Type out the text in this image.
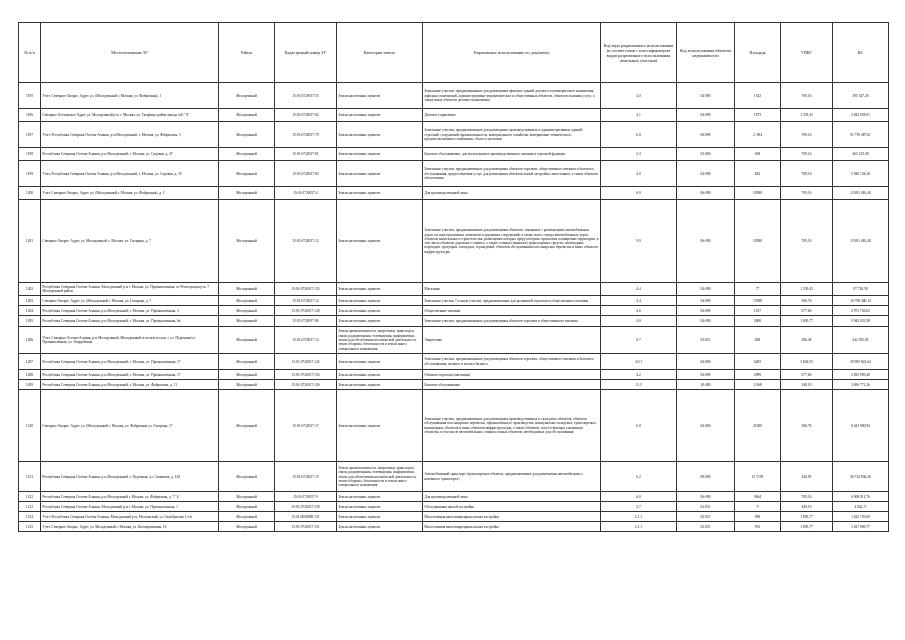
№ п/п	Местоположение ЗУ	Район	Кадастровый номер ЗУ	Категория земель	Разрешенное использование по документу	Код вида разрешенного использования (в соответствии с классификатором видов разрешенного использования земельных участков)	Код использования объектов недвижимости	Площадь	УПКС	КС
1195	Учет. Северное Окорье, Адрес ул. (Молодежный г. Москва, ул. Фабричная), 1	Молодежный	15:01:0720017:55	Земли населенных пунктов	Земельные участки, предназначенные для размещения офисных зданий делового и коммерческого назначения, офисных помещений, административно-управленческих и общественных объектов, объектов оказания услуг, а также иных объектов делового назначения	4.0	04:090	1332	709,16	395 347,20
1196	Северное Осетинское Адрес ул. Молодежный р-н, г. Москва, ул. Гагарина, район завода №0 "А"	Молодежный	15:01:0720017:62	Земли населенных пунктов	Деловое управление	4.1	04:090	1873	1 339,43	2 842 058,91
1197	Учет. Республика Северная Осетия-Алания, р-н Молодежный, г. Москва, ул. Фабричная, 5	Молодежный	15:01:0720017:79	Земли населенных пунктов	Земельные участки, предназначенные для размещения производственных и административных зданий, строений, сооружений промышленности, коммунального хозяйства, материально-технического, продовольственного снабжения, сбыта и заготовок	6.0	06:090	2 ,094	709,16	91 739 487,61
1198	Республика Северная Осетия-Алания, р-н Молодежный, г. Москва, ул. Садовая, д. 47	Молодежный	15:01:0720017:81	Земли населенных пунктов	Бытовое обслуживание, для малоэтажного производственного питания и торговой функции	3.3	03:000	658	709,16	465 125,38
1199	Учет. Республика Северная Осетия-Алания, р-н Молодежный, г. Москва, ул. Садовая, д. 35	Молодежный	15:01:0720017:83	Земли населенных пунктов	Земельные участки, предназначенные для размещения объектов торговли, общественного питания и бытового обслуживания, предоставления услуг, для размещения объектов жилой застройки, автостоянок, а также объектов обеспечения	4.0	04:090	842	709,16	5 940 134,30
1200	Учет. Северное Окорье, Адрес ул. (Молодежный г. Москва, ул. Фабричная), д. 1	Молодежный	15:01:0720017:2	Земли населенных пунктов	Для производственной зоны	6.0	06:090	19588	709,16	13 891 461,40
1201	Северное Окорье, Адрес ул. Молодежный, г. Москва, ул. Гагарина, д. 7	Молодежный	15:01:0720017:12	Земли населенных пунктов	Земельные участки, предназначенные для размещения объектов, связанных с размещением автомобильных дорог, их конструктивных элементов и дорожных сооружений, а также полос отвода автомобильных дорог; объектов капитального строительства, размещение которых предусмотрено проектами планировки территории, в том числе объектов дорожного сервиса, а также стоянок (парковок) транспортных средств, пешеходных переходов, тротуаров, площадок, ограждений, объектов обслуживания пассажирских перевозок и иных объектов инфраструктуры	9.0	06:090	19588	709,16	13 891 461,40
1202	Республика Северная Осетия-Алания, Молодежный р-н г. Москва, ул. Промышленная, от Регистрации р-н, 7 Молодежный район	Молодежный	15:01:0720017:135	Земли населенных пунктов	Магазины	4.4	04:090	77	1 339,43	97 720,58
1203	Северное Окорье, Адрес ул. (Молодежный г. Москва, ул. Гагарина, д. 7	Молодежный	15:01:0720017:12	Земли населенных пунктов	Земельные участки 7 и иные участки, предназначенные для розничной торговли и общественного питания	4.4	04:090	19588	306,76	16 798 480,14
1204	Республика Северная Осетия-Алания, р-н Молодежный, г. Москва, ул. Промышленная, 3	Молодежный	15:01:0720017:128	Земли населенных пунктов	Общественное питание	4.6	04:090	1017	677,66	2 973 726,82
1205	Республика Северная Осетия-Алания, р-н Молодежный, г. Москва, ул. Промышленная, 6а	Молодежный	15:01:0720017:86	Земли населенных пунктов	Земельные участки, предназначенные для размещения объектов торговли и общественного питания	4.0	04:090	3000	1 805,77	5 944 053,58
1206	Учет. Северное Осетия-Алания, р-н Молодежный, Молодежный, в пользе из кон. с ул. Пурочная/ул. Промышленная, ул. Гвардейская	Молодежный	15:01:0720017:13	Земли промышленности, энергетики, транспорта, связи, радиовещания, телевидения, информатики, земли для обеспечения космической деятельности, земли обороны, безопасности и земли иного специального назначения	Энергетика	6.7	03:051	848	286,48	242 935,85
1207	Республика Северная Осетия-Алания, р-н Молодежный, г. Москва, ул. Промышленная, 17	Молодежный	15:01:0720017:142	Земли населенных пунктов	Земельные участки, предназначенные для размещения объектов торговли, общественного питания и бытового обслуживания, мелкого и малого бизнеса	4.0.1	04:090	6283	3 844,93	28 905 822,64
1208	Республика Северная Осетия-Алания, р-н Молодежный, г. Москва, ул. Промышленная, 17	Молодежный	15:01:0720017:154	Земли населенных пунктов	Объекты торговли (магазины)	4.2	04:090	2999	677,66	2 835 909,48
1209	Республика Северная Осетия-Алания, р-н Молодежный, г. Москва, ул. Фабричная, д. 11	Молодежный	15:01:0720017:126	Земли населенных пунктов	Бытовое обслуживание	11.3	10:000	1,068	348,19	3 696 771,26
1210	Северное Окорье, Адрес ул. (Молодежный г. Москва, ул. Фабричная ул. Гагарина, 17	Молодежный	15:01:0720017:17	Земли населенных пунктов	Земельные участки, предназначенные для размещения производственных и складских объектов, объектов обслуживания пассажирских перевозок, промышленного производства, коммунально-складских, транспортных, инженерных объектов и иных объектов инфраструктуры, а также объектов, сопутствующих указанным объектам, в том числе автомобильных стоянок и иных объектов, необходимых для обслуживания	6.0	04:000	21000	306,76	6 441 980,94
1211	Республика Северная Осетия-Алания, р-н Молодежный, г. Пурочная, ул. Семенова, д. 128	Молодежный	15:01:0720017:15	Земли промышленности, энергетики, транспорта, связи, радиовещания, телевидения, информатики, земли для обеспечения космической деятельности, земли обороны, безопасности и земли иного специального назначения	Автомобильный транспорт (транспортные объекты, предназначенные для размещения автомобильного наземного транспорта)	6.2	08:000	15 7195	426,93	56 724 836,20
1212	Республика Северная Осетия-Алания, р-н Молодежный г. Москва, ул. Фабричная, д. 7 "а"	Молодежный	15:01:0720017:9	Земли населенных пунктов	Для производственной зоны	6.0	06:090	9644	709,16	6 908 011,76
1213	Республика Северная Осетия-Алания, Молодежный р-н г. Москва, ул. Промышленная, 1	Молодежный	15:01:0720017:158	Земли населенных пунктов	Обслуживание жилой застройки	2.7	02:051	9	449,19	4 042,71
1214	Учет. Республика Северная Осетия-Алания, Молодежный р-н, Московский, ул. Октябрьская 1 о/п	Молодежный	15:01:0000000:131	Земли населенных пунктов	Малоэтажная многоквартирная жилая застройка	2.1.1	02:051	900	1 805,77	1 625 193,00
1215	Учет. Северное Окорье, Адрес ул. Молодежный г. Москва, ул. Кооперативная, 16	Молодежный	15:01:0720017:151	Земли населенных пунктов	Малоэтажная многоквартирная жилая застройка	2.1.1	02:051	901	1 805,77	1 627 000,77
